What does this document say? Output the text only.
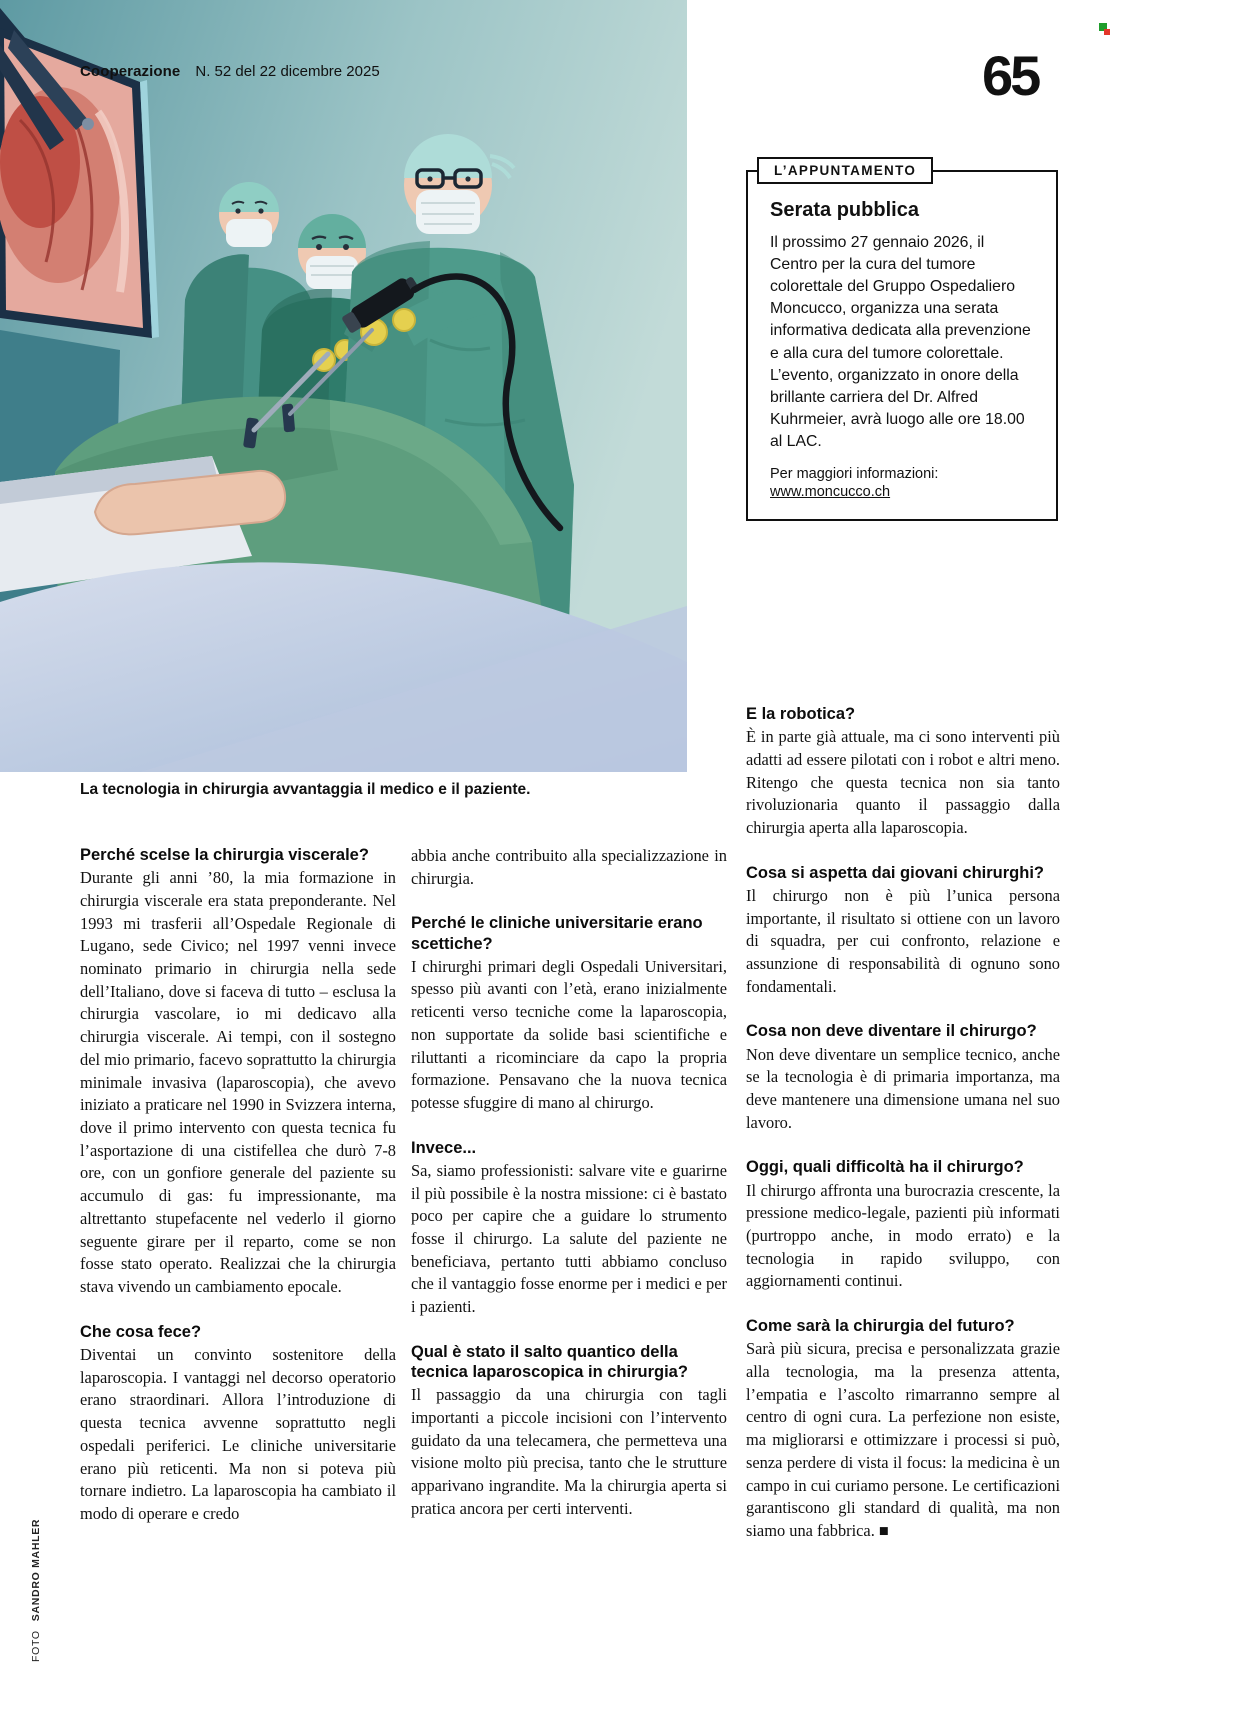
Cooperazione N. 52 del 22 dicembre 2025	65
La tecnologia in chirurgia avvantaggia il medico e il paziente.
L’APPUNTAMENTO
Serata pubblica

Il prossimo 27 gennaio 2026, il Centro per la cura del tumore colorettale del Gruppo Ospedaliero Moncucco, organizza una serata informativa dedicata alla prevenzione e alla cura del tumore colorettale. L’evento, organizzato in onore della brillante carriera del Dr. Alfred Kuhrmeier, avrà luogo alle ore 18.00 al LAC.

Per maggiori informazioni:

www.moncucco.ch
Perché scelse la chirurgia viscerale?

Durante gli anni ’80, la mia formazione in chirurgia viscerale era stata preponderante. Nel 1993 mi trasferii all’Ospedale Regionale di Lugano, sede Civico; nel 1997 venni invece nominato primario in chirurgia nella sede dell’Italiano, dove si faceva di tutto – esclusa la chirurgia vascolare, io mi dedicavo alla chirurgia viscerale. Ai tempi, con il sostegno del mio primario, facevo soprattutto la chirurgia minimale invasiva (laparoscopia), che avevo iniziato a praticare nel 1990 in Svizzera interna, dove il primo intervento con questa tecnica fu l’asportazione di una cistifellea che durò 7-8 ore, con un gonfiore generale del paziente su accumulo di gas: fu impressionante, ma altrettanto stupefacente nel vederlo il giorno seguente girare per il reparto, come se non fosse stato operato. Realizzai che la chirurgia stava vivendo un cambiamento epocale.

Che cosa fece?

Diventai un convinto sostenitore della laparoscopia. I vantaggi nel decorso operatorio erano straordinari. Allora l’introduzione di questa tecnica avvenne soprattutto negli ospedali periferici. Le cliniche universitarie erano più reticenti. Ma non si poteva più tornare indietro. La laparoscopia ha cambiato il modo di operare e credo

abbia anche contribuito alla specializzazione in chirurgia.

Perché le cliniche universitarie erano scettiche?

I chirurghi primari degli Ospedali Universitari, spesso più avanti con l’età, erano inizialmente reticenti verso tecniche come la laparoscopia, non supportate da solide basi scientifiche e riluttanti a ricominciare da capo la propria formazione. Pensavano che la nuova tecnica potesse sfuggire di mano al chirurgo.

Invece...

Sa, siamo professionisti: salvare vite e guarirne il più possibile è la nostra missione: ci è bastato poco per capire che a guidare lo strumento fosse il chirurgo. La salute del paziente ne beneficiava, pertanto tutti abbiamo concluso che il vantaggio fosse enorme per i medici e per i pazienti.

Qual è stato il salto quantico della tecnica laparoscopica in chirurgia?

Il passaggio da una chirurgia con tagli importanti a piccole incisioni con l’intervento guidato da una telecamera, che permetteva una visione molto più precisa, tanto che le strutture apparivano ingrandite. Ma la chirurgia aperta si pratica ancora per certi interventi.

E la robotica?

È in parte già attuale, ma ci sono interventi più adatti ad essere pilotati con i robot e altri meno. Ritengo che questa tecnica non sia tanto rivoluzionaria quanto il passaggio dalla chirurgia aperta alla laparoscopia.

Cosa si aspetta dai giovani chirurghi?

Il chirurgo non è più l’unica persona importante, il risultato si ottiene con un lavoro di squadra, per cui confronto, relazione e assunzione di responsabilità di ognuno sono fondamentali.

Cosa non deve diventare il chirurgo?

Non deve diventare un semplice tecnico, anche se la tecnologia è di primaria importanza, ma deve mantenere una dimensione umana nel suo lavoro.

Oggi, quali difficoltà ha il chirurgo?

Il chirurgo affronta una burocrazia crescente, la pressione medico-legale, pazienti più informati (purtroppo anche, in modo errato) e la tecnologia in rapido sviluppo, con aggiornamenti continui.

Come sarà la chirurgia del futuro?

Sarà più sicura, precisa e personalizzata grazie alla tecnologia, ma la presenza attenta, l’empatia e l’ascolto rimarranno sempre al centro di ogni cura. La perfezione non esiste, ma migliorarsi e ottimizzare i processi si può, senza perdere di vista il focus: la medicina è un campo in cui curiamo persone. Le certificazioni garantiscono gli standard di qualità, ma non siamo una fabbrica. ■

FOTOSANDRO MAHLER
